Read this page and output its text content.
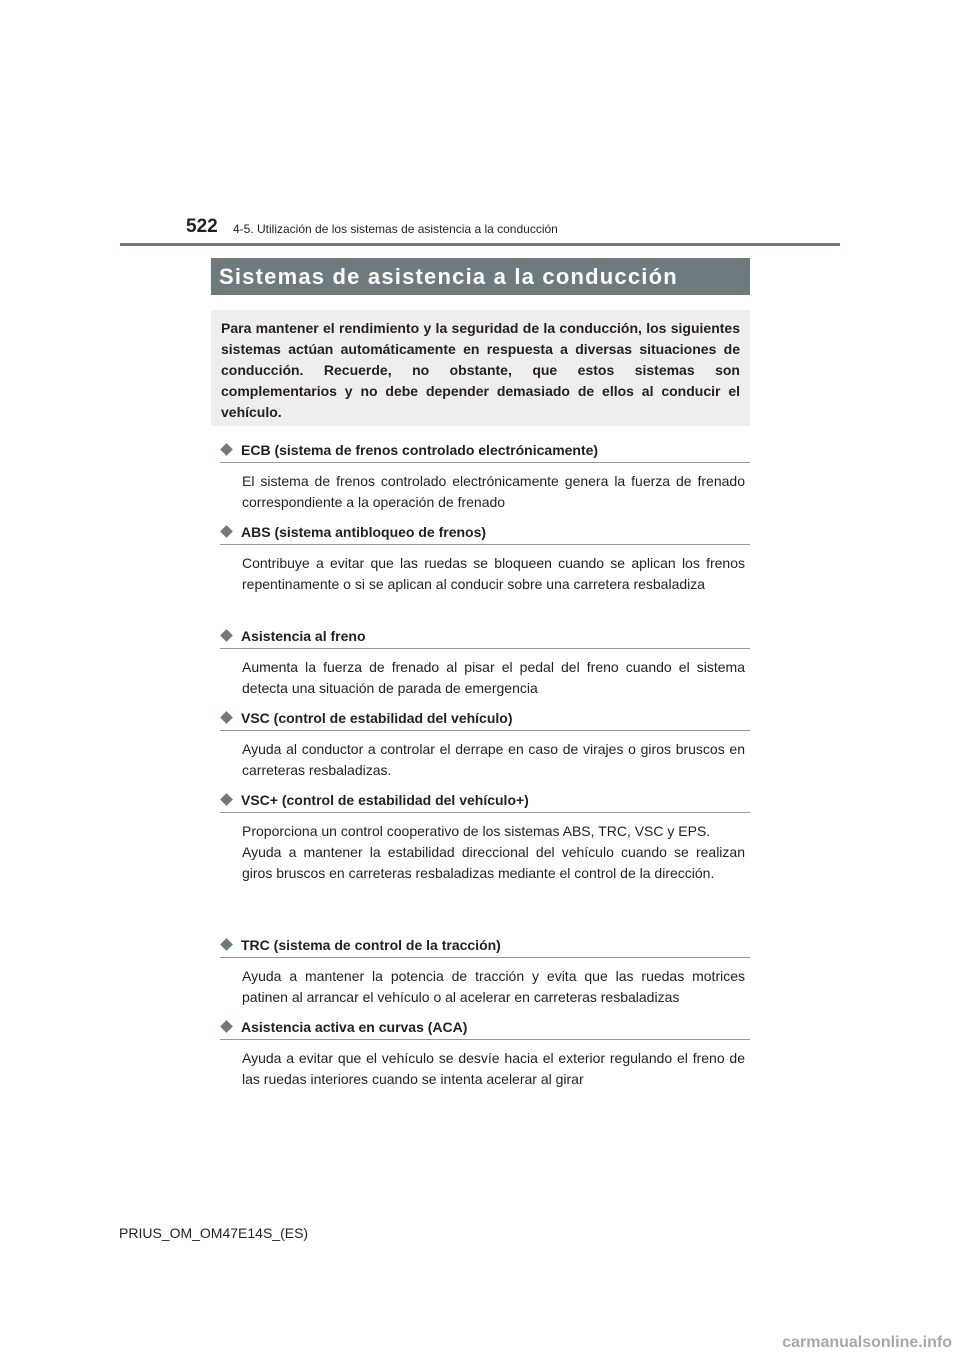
522 4-5. Utilización de los sistemas de asistencia a la conducción
Sistemas de asistencia a la conducción
Para mantener el rendimiento y la seguridad de la conducción, los siguientes sistemas actúan automáticamente en respuesta a diversas situaciones de conducción. Recuerde, no obstante, que estos sistemas son complementarios y no debe depender demasiado de ellos al conducir el vehículo.
ECB (sistema de frenos controlado electrónicamente)
El sistema de frenos controlado electrónicamente genera la fuerza de frenado correspondiente a la operación de frenado
ABS (sistema antibloqueo de frenos)
Contribuye a evitar que las ruedas se bloqueen cuando se aplican los frenos repentinamente o si se aplican al conducir sobre una carretera resbaladiza
Asistencia al freno
Aumenta la fuerza de frenado al pisar el pedal del freno cuando el sistema detecta una situación de parada de emergencia
VSC (control de estabilidad del vehículo)
Ayuda al conductor a controlar el derrape en caso de virajes o giros bruscos en carreteras resbaladizas.
VSC+ (control de estabilidad del vehículo+)
Proporciona un control cooperativo de los sistemas ABS, TRC, VSC y EPS.
Ayuda a mantener la estabilidad direccional del vehículo cuando se realizan giros bruscos en carreteras resbaladizas mediante el control de la dirección.
TRC (sistema de control de la tracción)
Ayuda a mantener la potencia de tracción y evita que las ruedas motrices patinen al arrancar el vehículo o al acelerar en carreteras resbaladizas
Asistencia activa en curvas (ACA)
Ayuda a evitar que el vehículo se desvíe hacia el exterior regulando el freno de las ruedas interiores cuando se intenta acelerar al girar
PRIUS_OM_OM47E14S_(ES)
carmanualsonline.info
